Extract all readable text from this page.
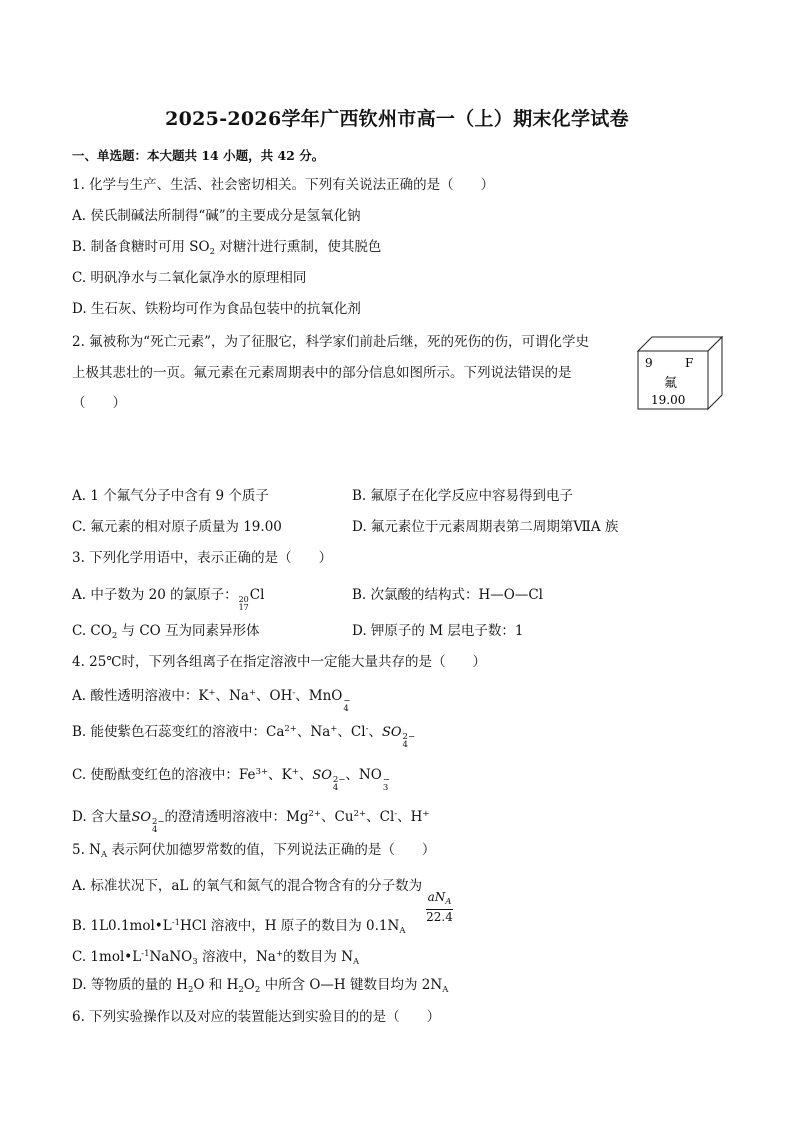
2025-2026学年广西钦州市高一（上）期末化学试卷
一、单选题：本大题共 14 小题，共 42 分。
1. 化学与生产、生活、社会密切相关。下列有关说法正确的是（　　）
A. 侯氏制碱法所制得“碱”的主要成分是氢氧化钠
B. 制备食糖时可用 $SO_2$ 对糖汁进行熏制，使其脱色
C. 明矾净水与二氧化氯净水的原理相同
D. 生石灰、铁粉均可作为食品包装中的抗氧化剂
2. 氟被称为“死亡元素”，为了征服它，科学家们前赴后继，死的死伤的伤，可谓化学史
上极其悲壮的一页。氟元素在元素周期表中的部分信息如图所示。下列说法错误的是
（　　）
9	F
氟
19.00
A. 1 个氟气分子中含有 9 个质子	B. 氟原子在化学反应中容易得到电子
C. 氟元素的相对原子质量为 19.00	D. 氟元素位于元素周期表第二周期第ⅦA 族
3. 下列化学用语中，表示正确的是（　　）
A. 中子数为 20 的氯原子： 20
17
Cl	B. 次氯酸的结构式：H—O—Cl
C. $CO_2$ 与 CO 互为同素异形体	D. 钾原子的 M 层电子数：1
4. 25℃时，下列各组离子在指定溶液中一定能大量共存的是（　　）
A. 酸性透明溶液中：K+、Na+、OH-、MnO −
4
B. 能使紫色石蕊变红的溶液中：$Ca^{2+}$、Na+、Cl-、SO 2−
4
C. 使酚酞变红色的溶液中：$Fe^{3+}$、K+、SO 2−
4
、NO −
3
D. 含大量SO 2−
4
的澄清透明溶液中：$Mg^{2+}$、$Cu^{2+}$、Cl-、H+
5. $N_A$ 表示阿伏加德罗常数的值，下列说法正确的是（　　）
A. 标准状况下，aL 的氧气和氮气的混合物含有的分子数为
$\frac{aN_A}{22.4}$
B. $1L0.1mol•L^{-1}HCl$ 溶液中，H 原子的数目为 $0.1N_A$
C. $1mol•L^{-1}NaNO_3$ 溶液中，Na+的数目为 $N_A$
D. 等物质的量的 $H_2O$ 和 $H_2O_2$ 中所含 O—H 键数目均为 $2N_A$
6. 下列实验操作以及对应的装置能达到实验目的的是（　　）
